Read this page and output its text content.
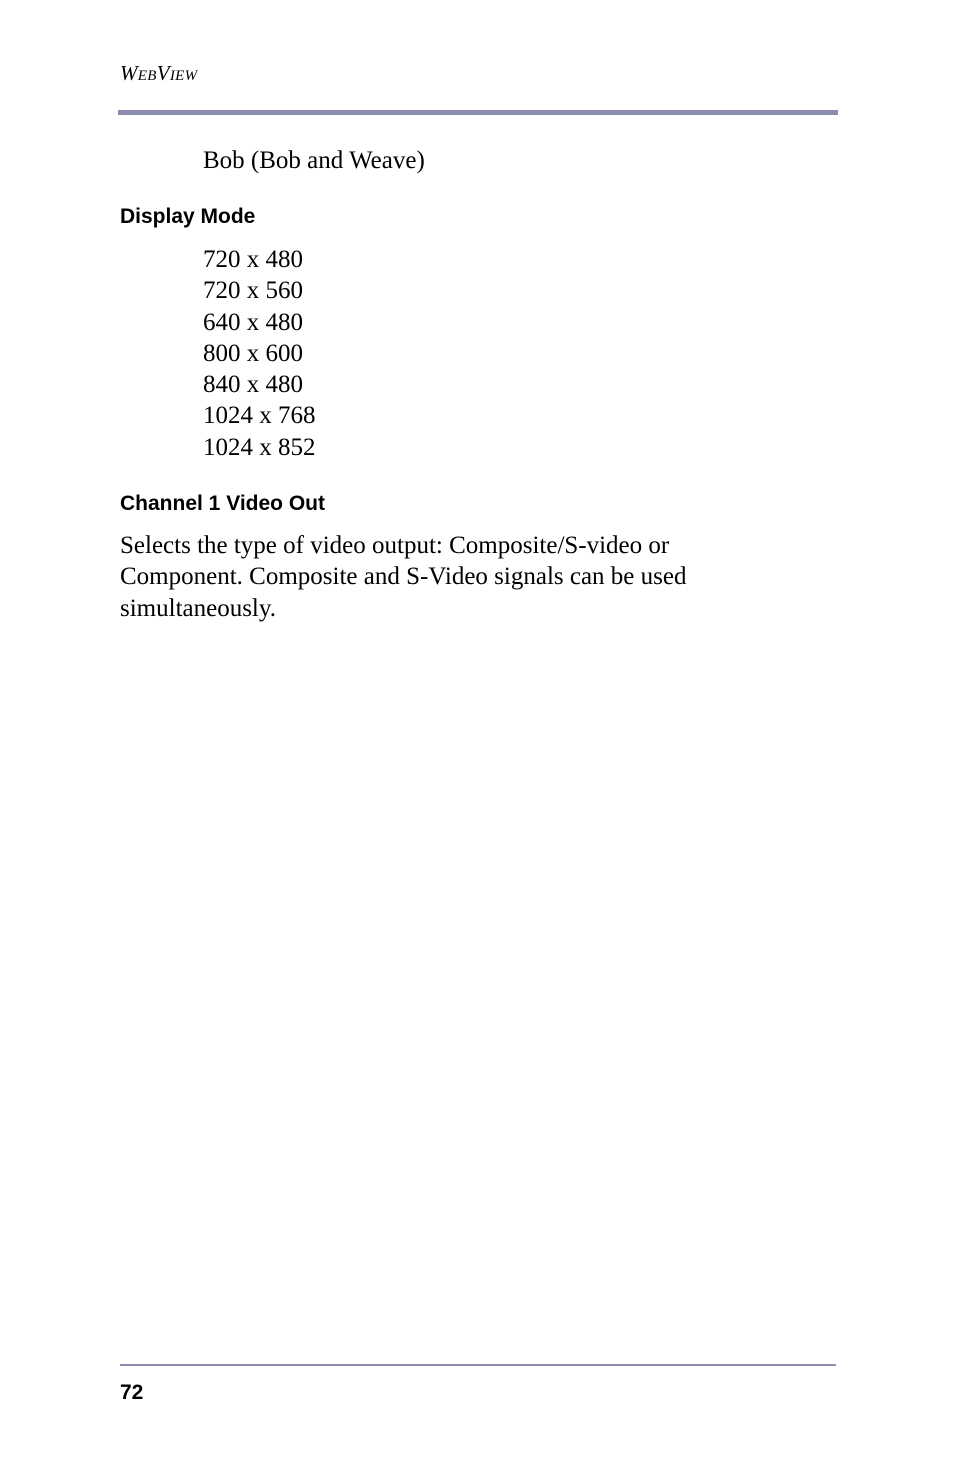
WEBVIEW
Bob (Bob and Weave)
Display Mode
720 x 480
720 x 560
640 x 480
800 x 600
840 x 480
1024 x 768
1024 x 852
Channel 1 Video Out
Selects the type of video output: Composite/S-video or
Component. Composite and S-Video signals can be used
simultaneously.
72
